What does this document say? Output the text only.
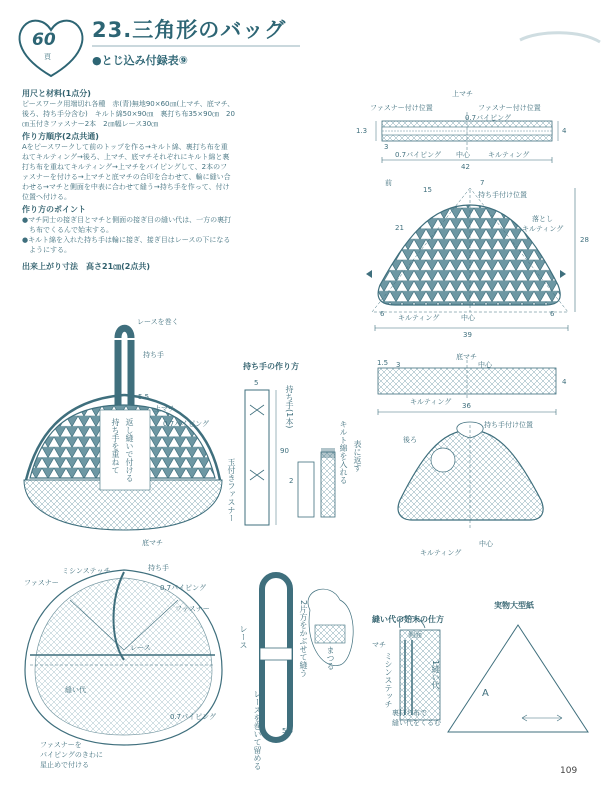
60
頁
23.三角形のバッグ
●とじ込み付録表⑨
用尺と材料(1点分)
ピースワーク用端切れ各種　赤(青)無地90×60㎝(上マチ、底マチ、
後ろ、持ち手分含む)　キルト綿50×90㎝　裏打ち布35×90㎝　20
㎝玉付きファスナー2本　2㎝幅レース30㎝
作り方順序(2点共通)
Aをピースワークして前のトップを作る→キルト綿、裏打ち布を重
ねてキルティング→後ろ、上マチ、底マチそれぞれにキルト綿と裏
打ち布を重ねてキルティング→上マチをパイピングして、2本のフ
ァスナーを付ける→上マチと底マチの合印を合わせて、輪に縫い合
わせる→マチと側面を中表に合わせて縫う→持ち手を作って、付け
位置へ付ける。
作り方のポイント
●マチ同士の接ぎ目とマチと側面の接ぎ目の縫い代は、一方の裏打
　ち布でくるんで始末する。
●キルト綿を入れた持ち手は輪に接ぎ、接ぎ目はレースの下になる
　ようにする。
出来上がり寸法　高さ21㎝(2点共)
レースを巻く
持ち手
5.5
上マチ
0.7パイピング
返し縫いで付ける
持ち手を重ねて
底マチ
ミシンステッチ	持ち手
ファスナー
0.7パイピング
ファスナー
レース
縫い代
0.7パイピング
ファスナーを
パイピングのきわに
星止めで付ける
持ち手の作り方
5
90
持ち手(1本)
玉付きファスナー
キルト綿を入れる 表に返す
2
レース
レースを巻いて留める	5.5
まつる
2片方をかぶせて縫う
上マチ
ファスナー付け位置	ファスナー付け位置
0.7パイピング
1.3	4
3
0.7パイピング 中心	キルティング
42
前
15
7
持ち手付け位置
21
落とし
キルティング
28
6 キルティング	中心	6
39
底マチ
1.5 3	中心
4
キルティング 36
後ろ
持ち手付け位置
キルティング
中心
縫い代の始末の仕方
側面
マチ
ミシンステッチ	1縫い代
裏打ち布で
縫い代をくるむ
実物大型紙
A
109
